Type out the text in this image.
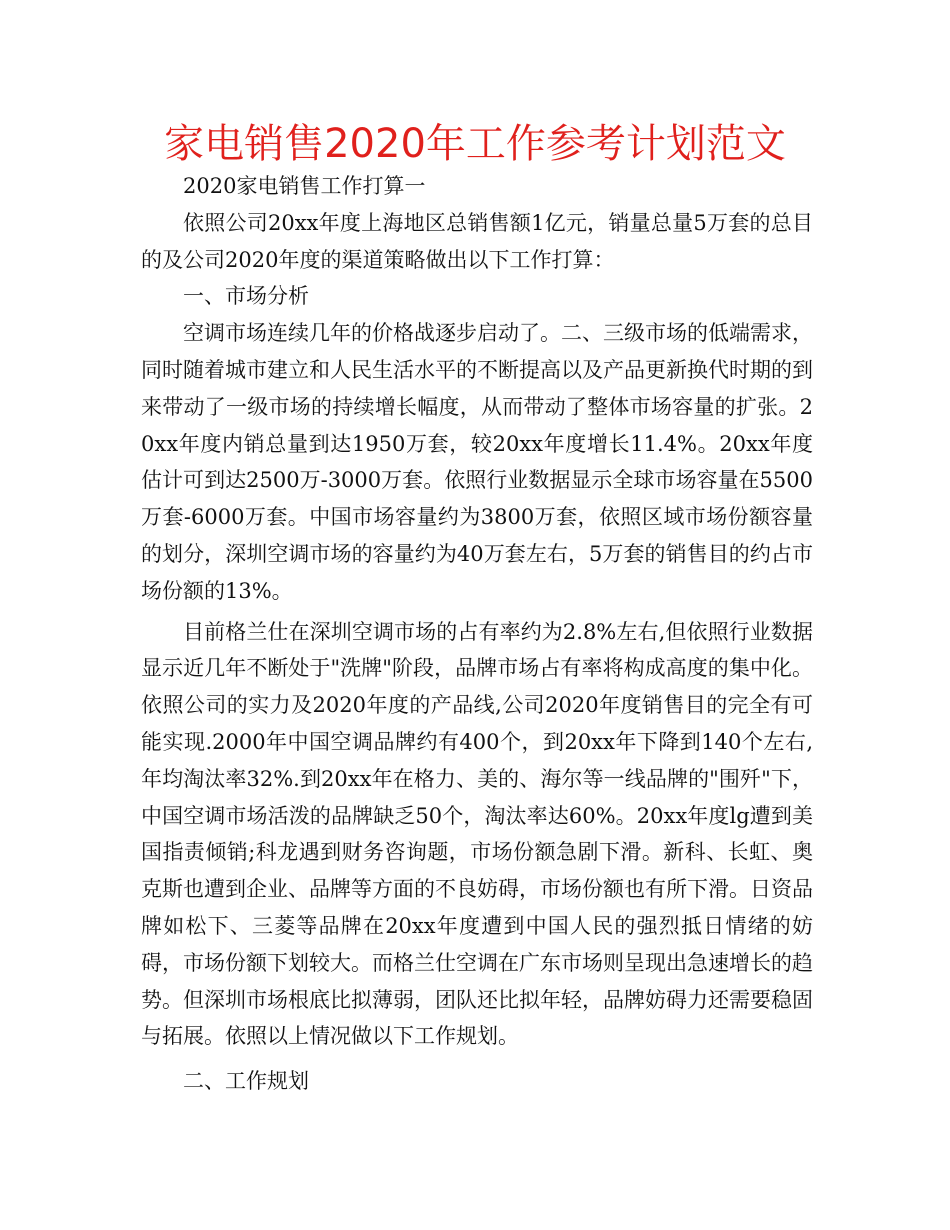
家电销售2020年工作参考计划范文

2020家电销售工作打算一

依照公司20xx年度上海地区总销售额1亿元，销量总量5万套的总目的及公司2020年度的渠道策略做出以下工作打算：

一、市场分析

空调市场连续几年的价格战逐步启动了。二、三级市场的低端需求，同时随着城市建立和人民生活水平的不断提高以及产品更新换代时期的到来带动了一级市场的持续增长幅度，从而带动了整体市场容量的扩张。20xx年度内销总量到达1950万套，较20xx年度增长11.4%。20xx年度估计可到达2500万-3000万套。依照行业数据显示全球市场容量在5500万套-6000万套。中国市场容量约为3800万套，依照区域市场份额容量的划分，深圳空调市场的容量约为40万套左右，5万套的销售目的约占市场份额的13%。

目前格兰仕在深圳空调市场的占有率约为2.8%左右,但依照行业数据显示近几年不断处于"洗牌"阶段，品牌市场占有率将构成高度的集中化。依照公司的实力及2020年度的产品线,公司2020年度销售目的完全有可能实现.2000年中国空调品牌约有400个，到20xx年下降到140个左右,年均淘汰率32%.到20xx年在格力、美的、海尔等一线品牌的"围歼"下，中国空调市场活泼的品牌缺乏50个，淘汰率达60%。20xx年度lg遭到美国指责倾销;科龙遇到财务咨询题，市场份额急剧下滑。新科、长虹、奥克斯也遭到企业、品牌等方面的不良妨碍，市场份额也有所下滑。日资品牌如松下、三菱等品牌在20xx年度遭到中国人民的强烈抵日情绪的妨碍，市场份额下划较大。而格兰仕空调在广东市场则呈现出急速增长的趋势。但深圳市场根底比拟薄弱，团队还比拟年轻，品牌妨碍力还需要稳固与拓展。依照以上情况做以下工作规划。

二、工作规划
